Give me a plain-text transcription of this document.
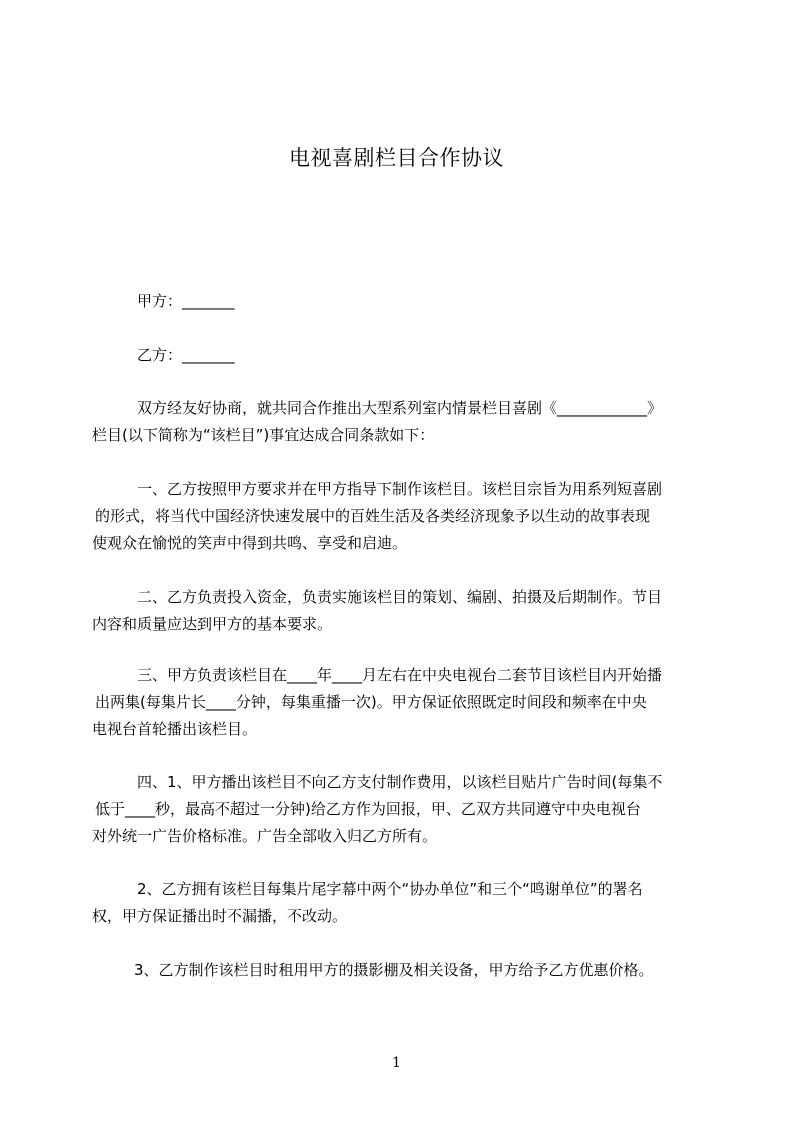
电视喜剧栏目合作协议
甲方：_______
乙方：_______
双方经友好协商，就共同合作推出大型系列室内情景栏目喜剧《____________》
栏目(以下简称为“该栏目”)事宜达成合同条款如下：
一、乙方按照甲方要求并在甲方指导下制作该栏目。该栏目宗旨为用系列短喜剧
的形式，将当代中国经济快速发展中的百姓生活及各类经济现象予以生动的故事表现
使观众在愉悦的笑声中得到共鸣、享受和启迪。
二、乙方负责投入资金，负责实施该栏目的策划、编剧、拍摄及后期制作。节目
内容和质量应达到甲方的基本要求。
三、甲方负责该栏目在____年____月左右在中央电视台二套节目该栏目内开始播
出两集(每集片长____分钟，每集重播一次)。甲方保证依照既定时间段和频率在中央
电视台首轮播出该栏目。
四、1、甲方播出该栏目不向乙方支付制作费用，以该栏目贴片广告时间(每集不
低于____秒，最高不超过一分钟)给乙方作为回报，甲、乙双方共同遵守中央电视台
对外统一广告价格标准。广告全部收入归乙方所有。
2、乙方拥有该栏目每集片尾字幕中两个“协办单位”和三个“鸣谢单位”的署名
权，甲方保证播出时不漏播，不改动。
3、乙方制作该栏目时租用甲方的摄影棚及相关设备，甲方给予乙方优惠价格。
1
